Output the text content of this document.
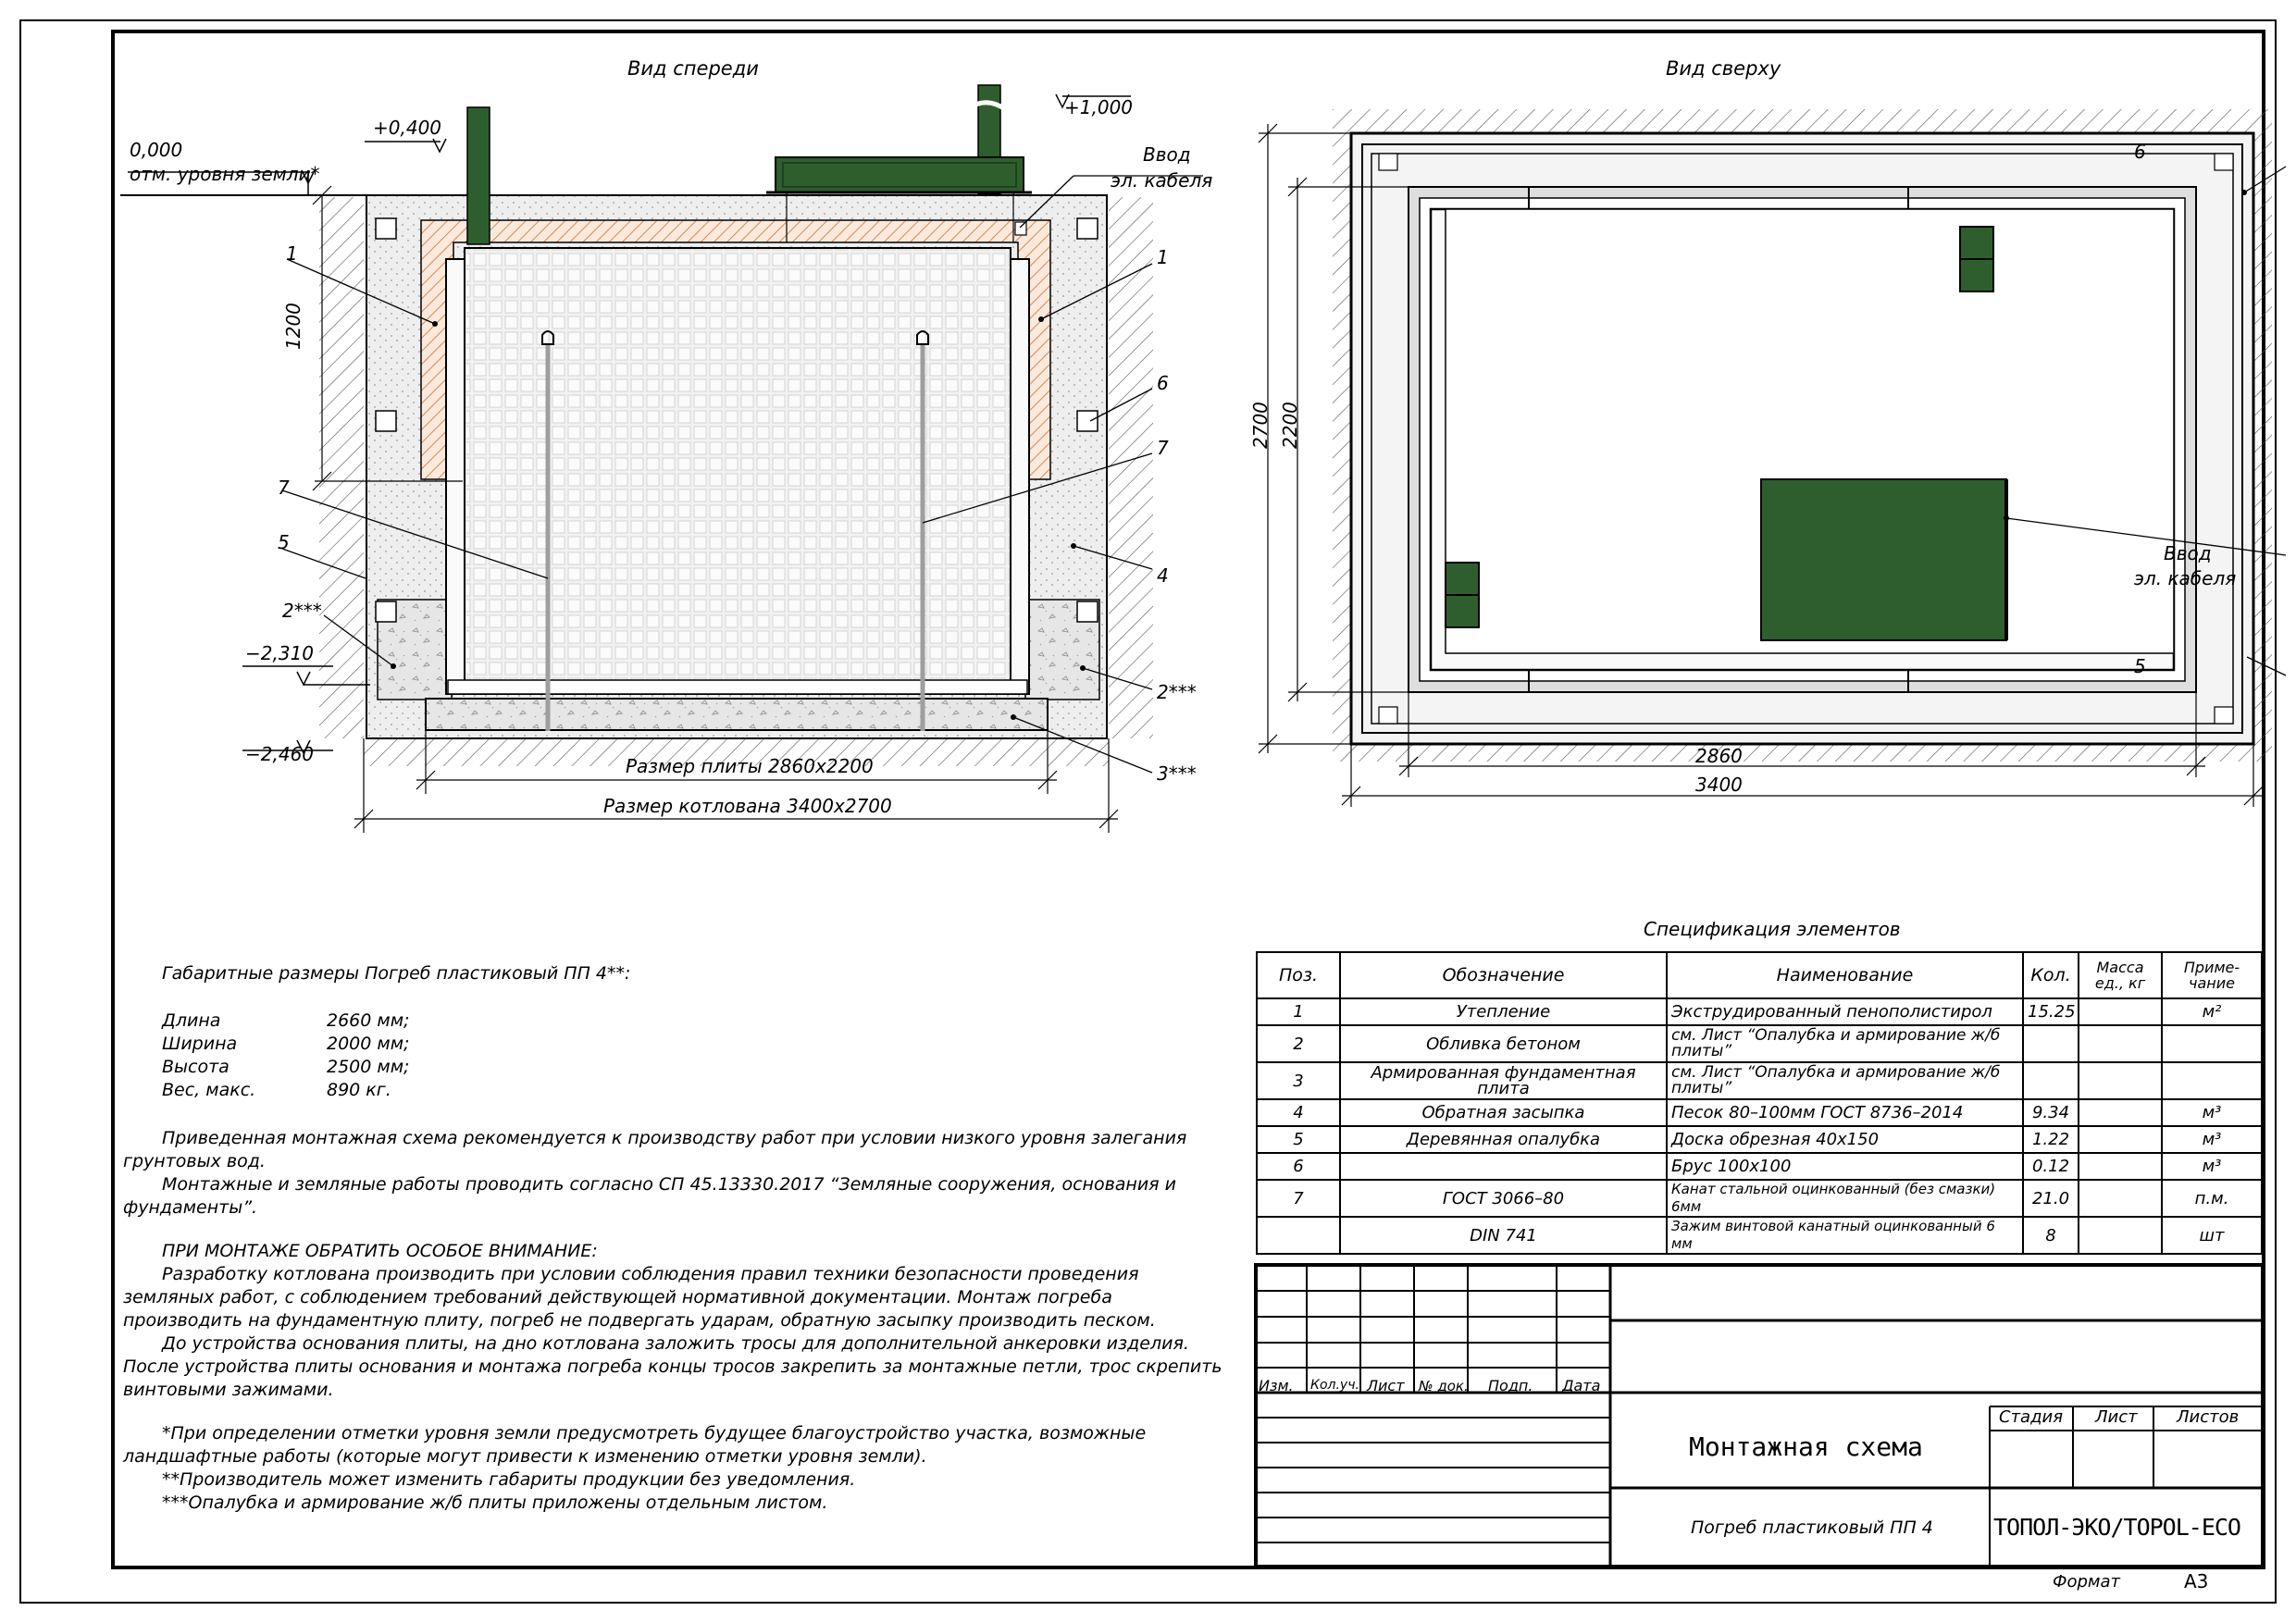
Вид спереди
0,000
отм. уровня земли*
+0,400
+1,000
Ввод
эл. кабеля
1200
−2,310
−2,460
Размер плиты 2860х2200
Размер котлована 3400х2700
1	1
6
7
7
5
4
2***
2***
3***
Вид сверху
2700 2200
2860
3400
6
5
Ввод
эл. кабеля

Габаритные размеры Погреб пластиковый ПП 4**:

Длина	2660 мм;
Ширина	2000 мм;
Высота	2500 мм;
Вес, макс.	890 кг.

Приведенная монтажная схема рекомендуется к производству работ при условии низкого уровня залегания грунтовых вод.

Монтажные и земляные работы проводить согласно СП 45.13330.2017 “Земляные сооружения, основания и фундаменты”.

ПРИ МОНТАЖЕ ОБРАТИТЬ ОСОБОЕ ВНИМАНИЕ:

Разработку котлована производить при условии соблюдения правил техники безопасности проведения земляных работ, с соблюдением требований действующей нормативной документации. Монтаж погреба производить на фундаментную плиту, погреб не подвергать ударам, обратную засыпку производить песком.

До устройства основания плиты, на дно котлована заложить тросы для дополнительной анкеровки изделия. После устройства плиты основания и монтажа погреба концы тросов закрепить за монтажные петли, трос скрепить винтовыми зажимами.

*При определении отметки уровня земли предусмотреть будущее благоустройство участка, возможные ландшафтные работы (которые могут привести к изменению отметки уровня земли).

**Производитель может изменить габариты продукции без уведомления.

***Опалубка и армирование ж/б плиты приложены отдельным листом.

Спецификация элементов
Поз.	Обозначение	Наименование	Кол.	Масса ед., кг	Приме-чание
1	Утепление	Экструдированный пенополистирол	15.25		м²
2	Обливка бетоном	см. Лист “Опалубка и армирование ж/б плиты”			
3	Армированная фундаментная плита	см. Лист “Опалубка и армирование ж/б плиты”			
4	Обратная засыпка	Песок 80–100мм ГОСТ 8736–2014	9.34		м³
5	Деревянная опалубка	Доска обрезная 40х150	1.22		м³
6		Брус 100х100	0.12		м³
7	ГОСТ 3066–80	Канат стальной оцинкованный (без смазки) 6мм	21.0		п.м.
	DIN 741	Зажим винтовой канатный оцинкованный 6 мм	8		шт
Изм. Кол.уч. Лист № док. Подп. Дата
Монтажная схема
Погреб пластиковый ПП 4
Стадия Лист Листов
ТОПОЛ-ЭКО/TOPOL-ECO
Формат	А3
